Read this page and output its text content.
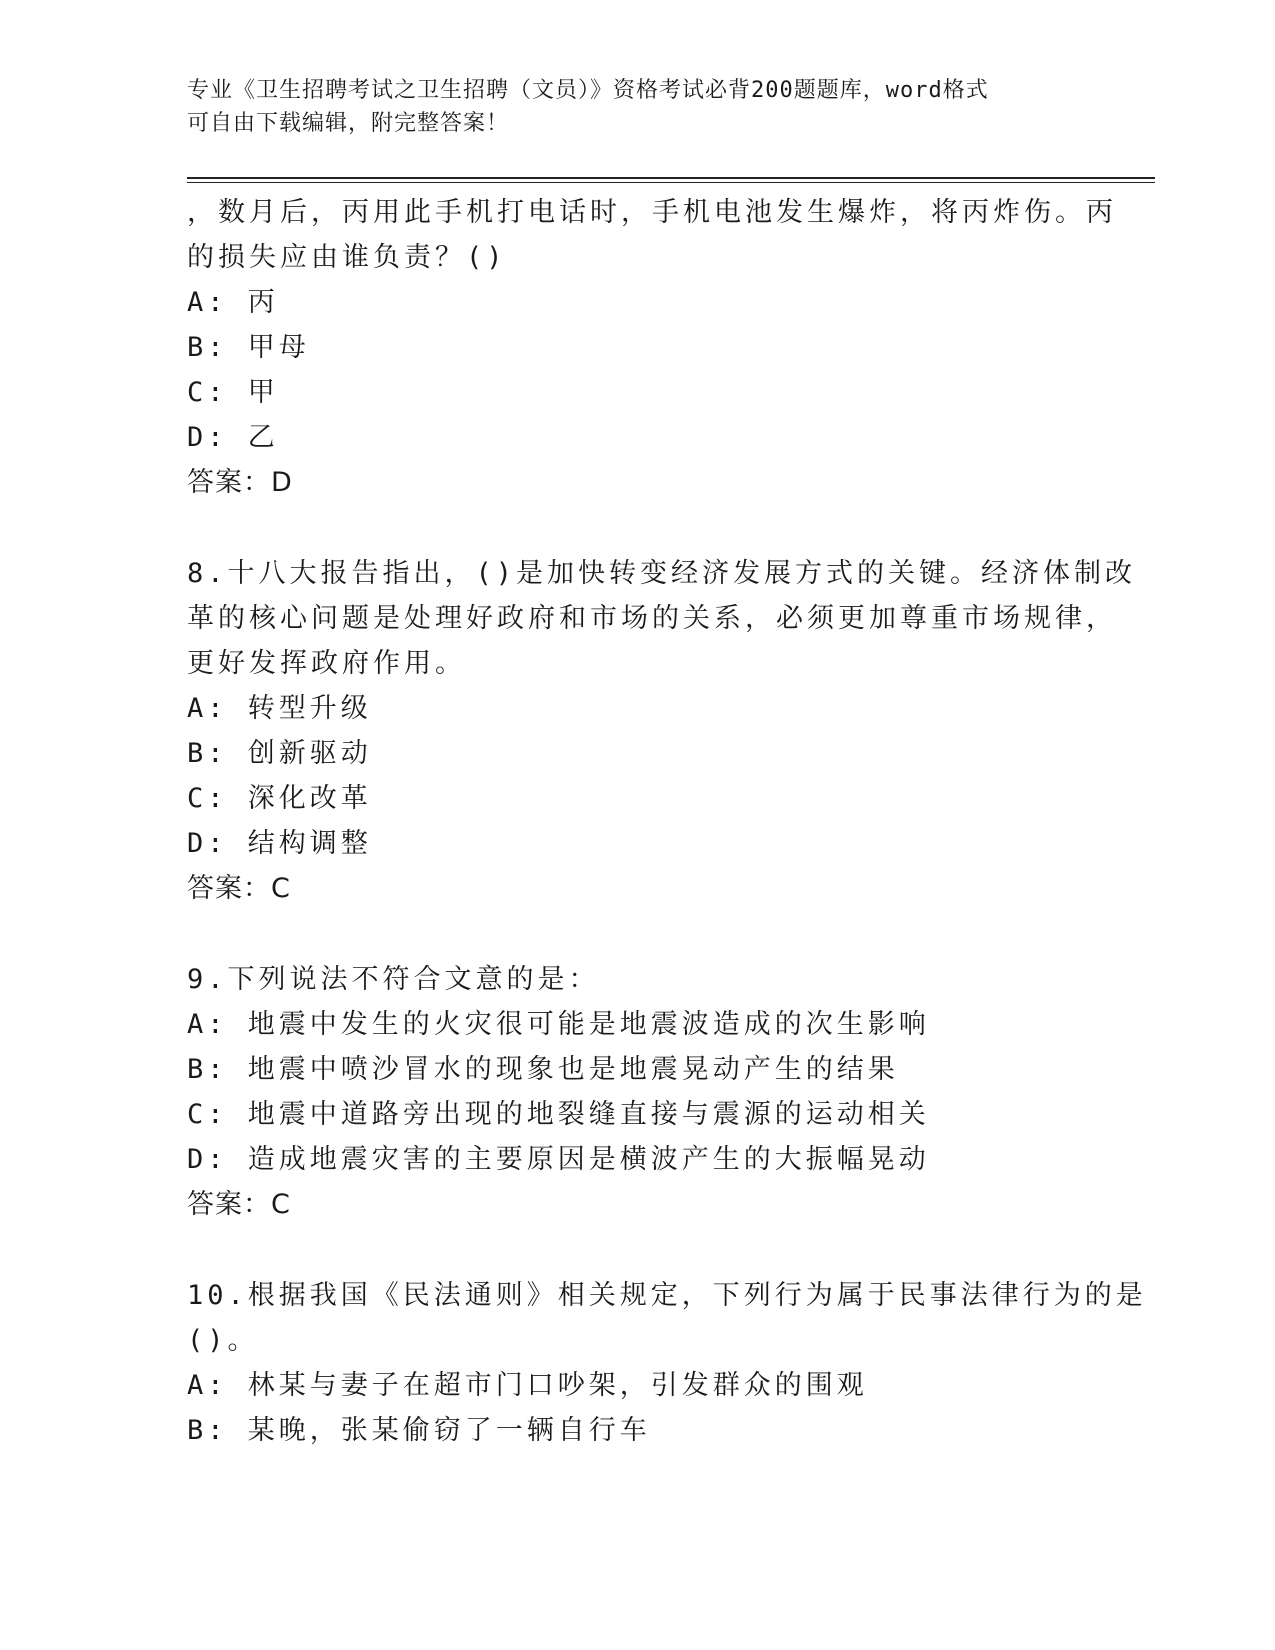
专业《卫生招聘考试之卫生招聘（文员）》资格考试必背200题题库，word格式
可自由下载编辑，附完整答案！
，数月后，丙用此手机打电话时，手机电池发生爆炸，将丙炸伤。丙
的损失应由谁负责？()
A: 丙
B: 甲母
C: 甲
D: 乙
答案：D
8.十八大报告指出，()是加快转变经济发展方式的关键。经济体制改
革的核心问题是处理好政府和市场的关系，必须更加尊重市场规律，
更好发挥政府作用。
A: 转型升级
B: 创新驱动
C: 深化改革
D: 结构调整
答案：C
9.下列说法不符合文意的是：
A: 地震中发生的火灾很可能是地震波造成的次生影响
B: 地震中喷沙冒水的现象也是地震晃动产生的结果
C: 地震中道路旁出现的地裂缝直接与震源的运动相关
D: 造成地震灾害的主要原因是横波产生的大振幅晃动
答案：C
10.根据我国《民法通则》相关规定，下列行为属于民事法律行为的是
()。
A: 林某与妻子在超市门口吵架，引发群众的围观
B: 某晚，张某偷窃了一辆自行车
